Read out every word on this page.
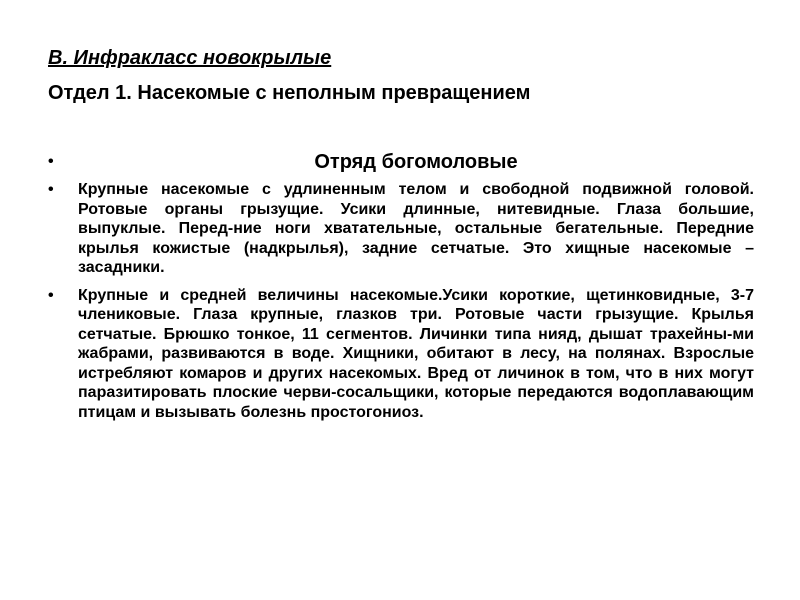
В. Инфракласс новокрылые
Отдел 1. Насекомые с неполным превращением
•	Отряд богомоловые
• Крупные насекомые с удлиненным телом и свободной подвижной головой. Ротовые органы грызущие. Усики длинные, нитевидные. Глаза большие, выпуклые. Перед-ние ноги хватательные, остальные бегательные. Передние крылья кожистые (надкрылья), задние сетчатые. Это хищные насекомые – засадники.
• Крупные и средней величины насекомые.Усики короткие, щетинковидные, 3-7 члениковые. Глаза крупные, глазков три. Ротовые части грызущие. Крылья сетчатые. Брюшко тонкое, 11 сегментов. Личинки типа нияд, дышат трахейны-ми жабрами, развиваются в воде. Хищники, обитают в лесу, на полянах. Взрослые истребляют комаров и других насекомых. Вред от личинок в том, что в них могут паразитировать плоские черви-сосальщики, которые передаются водоплавающим птицам и вызывать болезнь простогониоз.
